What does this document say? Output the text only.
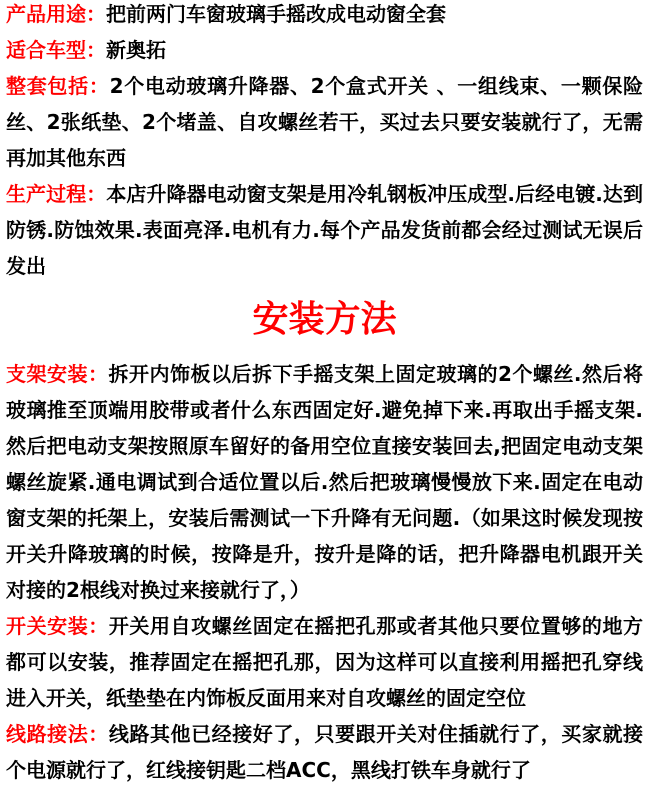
产品用途：把前两门车窗玻璃手摇改成电动窗全套
适合车型：新奥拓
整套包括：2个电动玻璃升降器、2个盒式开关 、一组线束、一颗保险丝、2张纸垫、2个堵盖、自攻螺丝若干，买过去只要安装就行了，无需再加其他东西
生产过程：本店升降器电动窗支架是用冷轧钢板冲压成型.后经电镀.达到防锈.防蚀效果.表面亮泽.电机有力.每个产品发货前都会经过测试无误后发出
安装方法
支架安装：拆开内饰板以后拆下手摇支架上固定玻璃的2个螺丝.然后将玻璃推至顶端用胶带或者什么东西固定好.避免掉下来.再取出手摇支架.然后把电动支架按照原车留好的备用空位直接安装回去,把固定电动支架螺丝旋紧.通电调试到合适位置以后.然后把玻璃慢慢放下来.固定在电动窗支架的托架上，安装后需测试一下升降有无问题.（如果这时候发现按开关升降玻璃的时候，按降是升，按升是降的话，把升降器电机跟开关对接的2根线对换过来接就行了，）
开关安装：开关用自攻螺丝固定在摇把孔那或者其他只要位置够的地方都可以安装，推荐固定在摇把孔那，因为这样可以直接利用摇把孔穿线进入开关，纸垫垫在内饰板反面用来对自攻螺丝的固定空位
线路接法：线路其他已经接好了，只要跟开关对住插就行了，买家就接个电源就行了，红线接钥匙二档ACC，黑线打铁车身就行了
